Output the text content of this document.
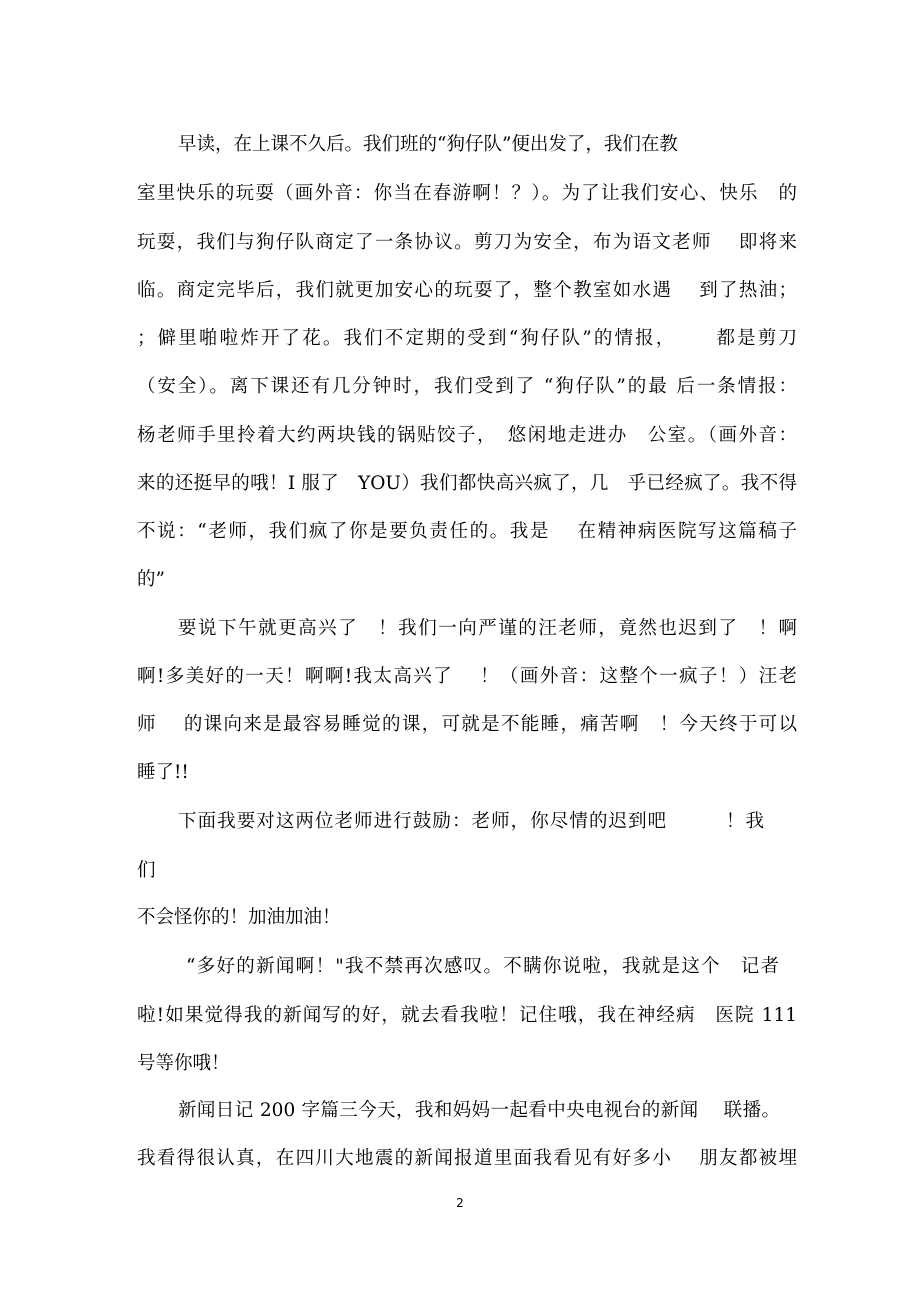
早读，在上课不久后。我们班的“狗仔队”便出发了，我们在教
室里快乐的玩耍（画外音：你当在春游啊！？）。为了让我们安心、快乐　的
玩耍，我们与狗仔队商定了一条协议。剪刀为安全，布为语文老师　 即将来
临。商定完毕后，我们就更加安心的玩耍了，整个教室如水遇　 到了热油；
；僻里啪啦炸开了花。我们不定期的受到“狗仔队”的情报，　　 都是剪刀
（安全）。离下课还有几分钟时，我们受到了 “狗仔队”的最 后一条情报：
杨老师手里拎着大约两块钱的锅贴饺子，　悠闲地走进办　公室。（画外音：
来的还挺早的哦！I 服了　YOU）我们都快高兴疯了，几　乎已经疯了。我不得
不说：“老师，我们疯了你是要负责任的。我是　 在精神病医院写这篇稿子
的”
要说下午就更高兴了　！我们一向严谨的汪老师，竟然也迟到了　！啊
啊!多美好的一天！啊啊!我太高兴了　 ！（画外音：这整个一疯子！）汪老
师　 的课向来是最容易睡觉的课，可就是不能睡，痛苦啊　！今天终于可以
睡了!!
下面我要对这两位老师进行鼓励：老师，你尽情的迟到吧　　　！我
们
不会怪你的！加油加油！
“多好的新闻啊！"我不禁再次感叹。不瞒你说啦，我就是这个　记者
啦!如果觉得我的新闻写的好，就去看我啦！记住哦，我在神经病　医院 111
号等你哦！
新闻日记 200 字篇三今天，我和妈妈一起看中央电视台的新闻　 联播。
我看得很认真，在四川大地震的新闻报道里面我看见有好多小　 朋友都被埋
2
